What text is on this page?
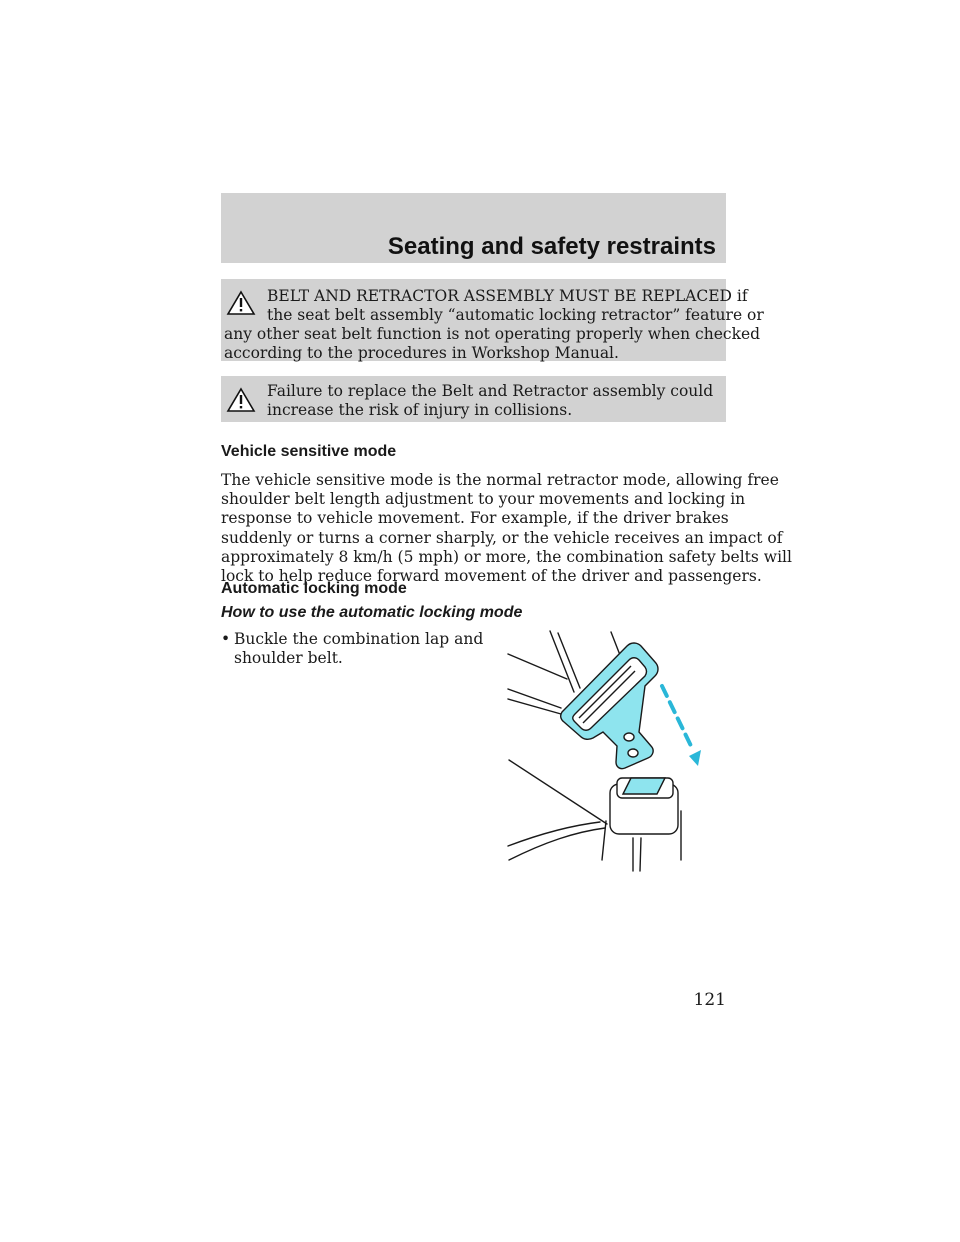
Seating and safety restraints
BELT AND RETRACTOR ASSEMBLY MUST BE REPLACED if
the seat belt assembly “automatic locking retractor” feature or
any other seat belt function is not operating properly when checked
according to the procedures in Workshop Manual.
Failure to replace the Belt and Retractor assembly could
increase the risk of injury in collisions.
Vehicle sensitive mode
The vehicle sensitive mode is the normal retractor mode, allowing free
shoulder belt length adjustment to your movements and locking in
response to vehicle movement. For example, if the driver brakes
suddenly or turns a corner sharply, or the vehicle receives an impact of
approximately 8 km/h (5 mph) or more, the combination safety belts will
lock to help reduce forward movement of the driver and passengers.
Automatic locking mode
How to use the automatic locking mode
• Buckle the combination lap and
shoulder belt.
121
